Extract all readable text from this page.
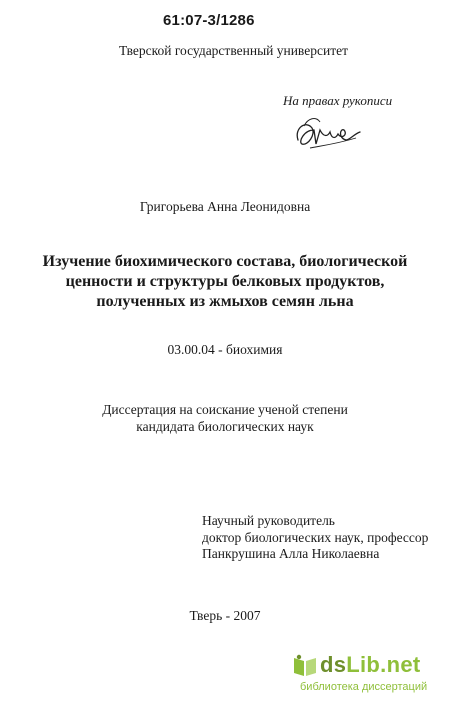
61:07-3/1286
Тверской государственный университет
На правах рукописи
Григорьева Анна Леонидовна
Изучение биохимического состава, биологической
ценности и структуры белковых продуктов,
полученных из жмыхов семян льна
03.00.04 - биохимия
Диссертация на соискание ученой степени
кандидата биологических наук
Научный руководитель
доктор биологических наук, профессор
Панкрушина Алла Николаевна
Тверь - 2007
dsLib.net
библиотека диссертаций
